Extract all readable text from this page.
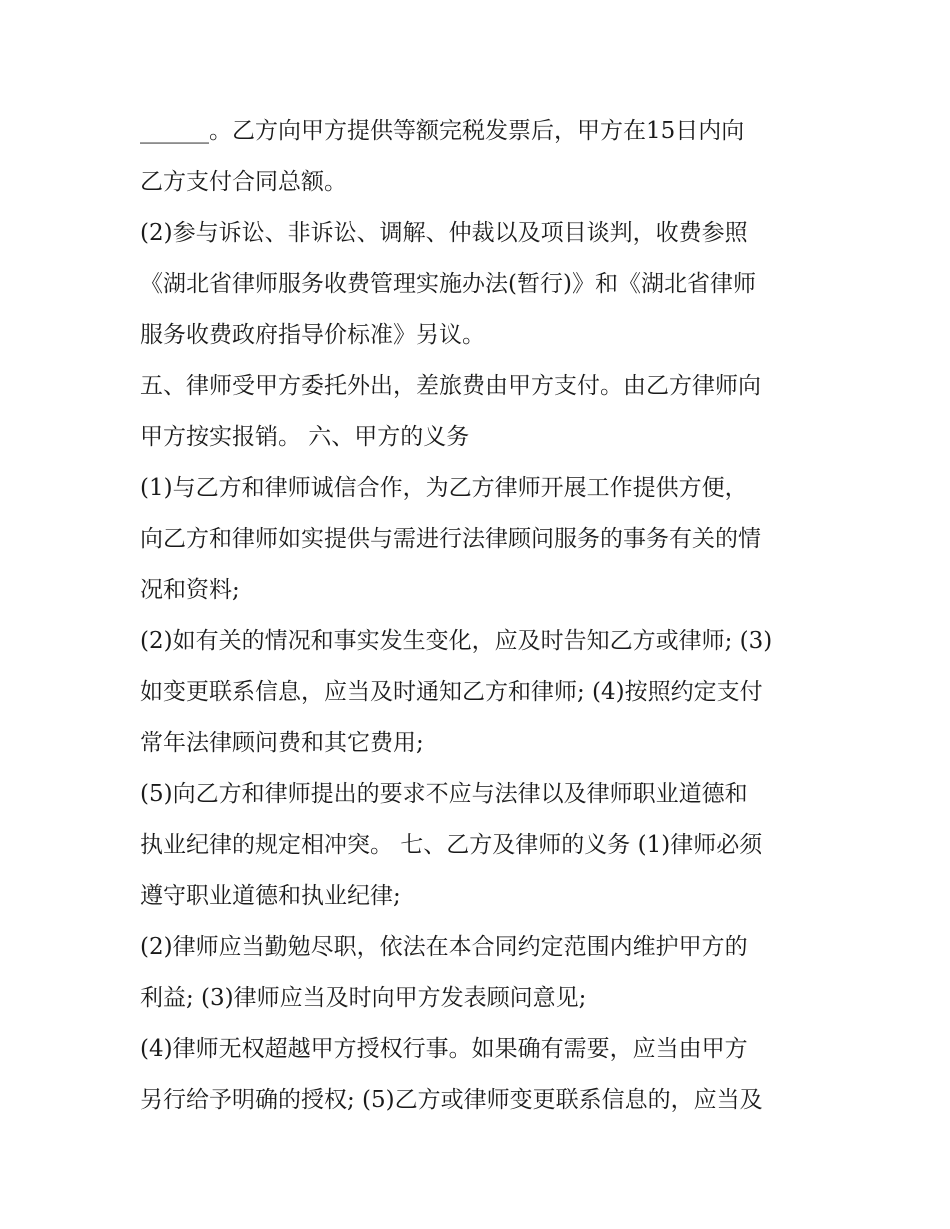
______。乙方向甲方提供等额完税发票后，甲方在15日内向
乙方支付合同总额。
(2)参与诉讼、非诉讼、调解、仲裁以及项目谈判，收费参照
《湖北省律师服务收费管理实施办法(暂行)》和《湖北省律师
服务收费政府指导价标准》另议。
五、律师受甲方委托外出，差旅费由甲方支付。由乙方律师向
甲方按实报销。 六、甲方的义务
(1)与乙方和律师诚信合作，为乙方律师开展工作提供方便，
向乙方和律师如实提供与需进行法律顾问服务的事务有关的情
况和资料;
(2)如有关的情况和事实发生变化，应及时告知乙方或律师; (3)
如变更联系信息，应当及时通知乙方和律师; (4)按照约定支付
常年法律顾问费和其它费用;
(5)向乙方和律师提出的要求不应与法律以及律师职业道德和
执业纪律的规定相冲突。 七、乙方及律师的义务 (1)律师必须
遵守职业道德和执业纪律;
(2)律师应当勤勉尽职，依法在本合同约定范围内维护甲方的
利益; (3)律师应当及时向甲方发表顾问意见;
(4)律师无权超越甲方授权行事。如果确有需要，应当由甲方
另行给予明确的授权; (5)乙方或律师变更联系信息的，应当及
